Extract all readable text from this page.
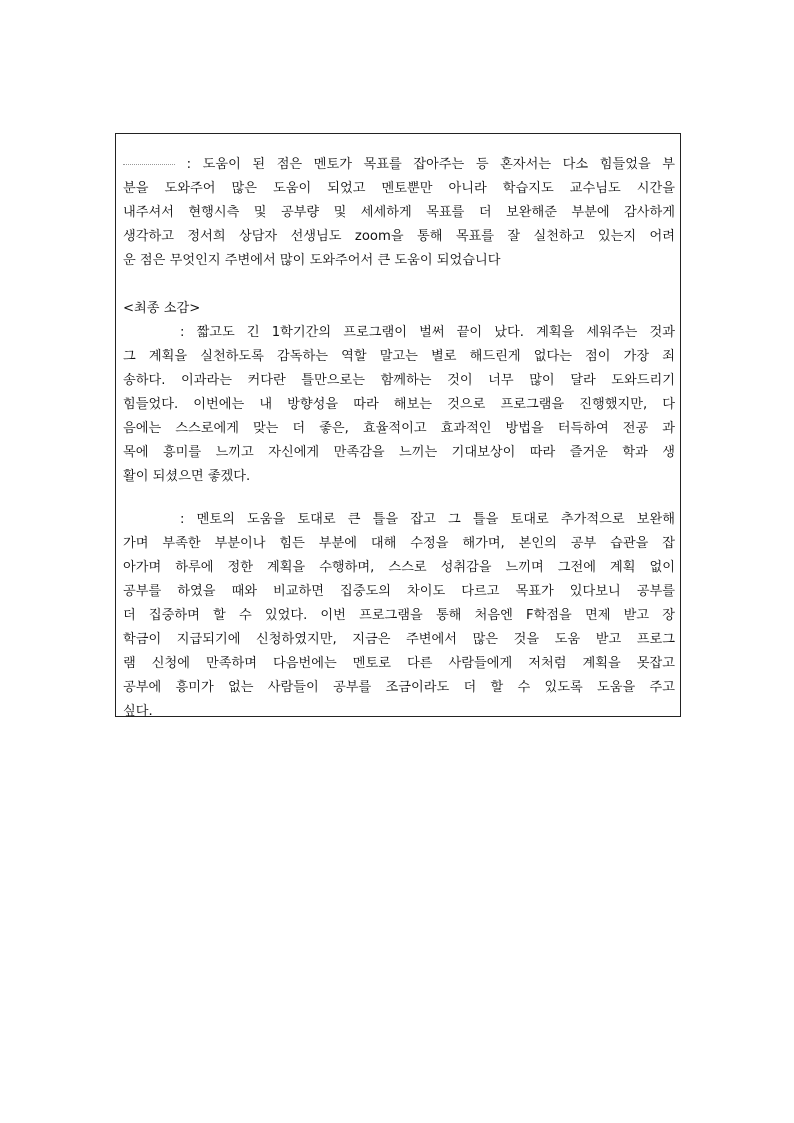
: 도움이 된 점은 멘토가 목표를 잡아주는 등 혼자서는 다소 힘들었을 부
분을 도와주어 많은 도움이 되었고 멘토뿐만 아니라 학습지도 교수님도 시간을
내주셔서 현행시측 및 공부량 및 세세하게 목표를 더 보완해준 부분에 감사하게
생각하고 정서희 상담자 선생님도 zoom을 통해 목표를 잘 실천하고 있는지 어려
운 점은 무엇인지 주변에서 많이 도와주어서 큰 도움이 되었습니다
<최종 소감>
: 짧고도 긴 1학기간의 프로그램이 벌써 끝이 났다. 계획을 세워주는 것과
그 계획을 실천하도록 감독하는 역할 말고는 별로 해드린게 없다는 점이 가장 죄
송하다. 이과라는 커다란 틀만으로는 함께하는 것이 너무 많이 달라 도와드리기
힘들었다. 이번에는 내 방향성을 따라 해보는 것으로 프로그램을 진행했지만, 다
음에는 스스로에게 맞는 더 좋은, 효율적이고 효과적인 방법을 터득하여 전공 과
목에 흥미를 느끼고 자신에게 만족감을 느끼는 기대보상이 따라 즐거운 학과 생
활이 되셨으면 좋겠다.
: 멘토의 도움을 토대로 큰 틀을 잡고 그 틀을 토대로 추가적으로 보완해
가며 부족한 부분이나 힘든 부분에 대해 수정을 해가며, 본인의 공부 습관을 잡
아가며 하루에 정한 계획을 수행하며, 스스로 성취감을 느끼며 그전에 계획 없이
공부를 하였을 때와 비교하면 집중도의 차이도 다르고 목표가 있다보니 공부를
더 집중하며 할 수 있었다. 이번 프로그램을 통해 처음엔 F학점을 면제 받고 장
학금이 지급되기에 신청하였지만, 지금은 주변에서 많은 것을 도움 받고 프로그
램 신청에 만족하며 다음번에는 멘토로 다른 사람들에게 저처럼 계획을 못잡고
공부에 흥미가 없는 사람들이 공부를 조금이라도 더 할 수 있도록 도움을 주고
싶다.
